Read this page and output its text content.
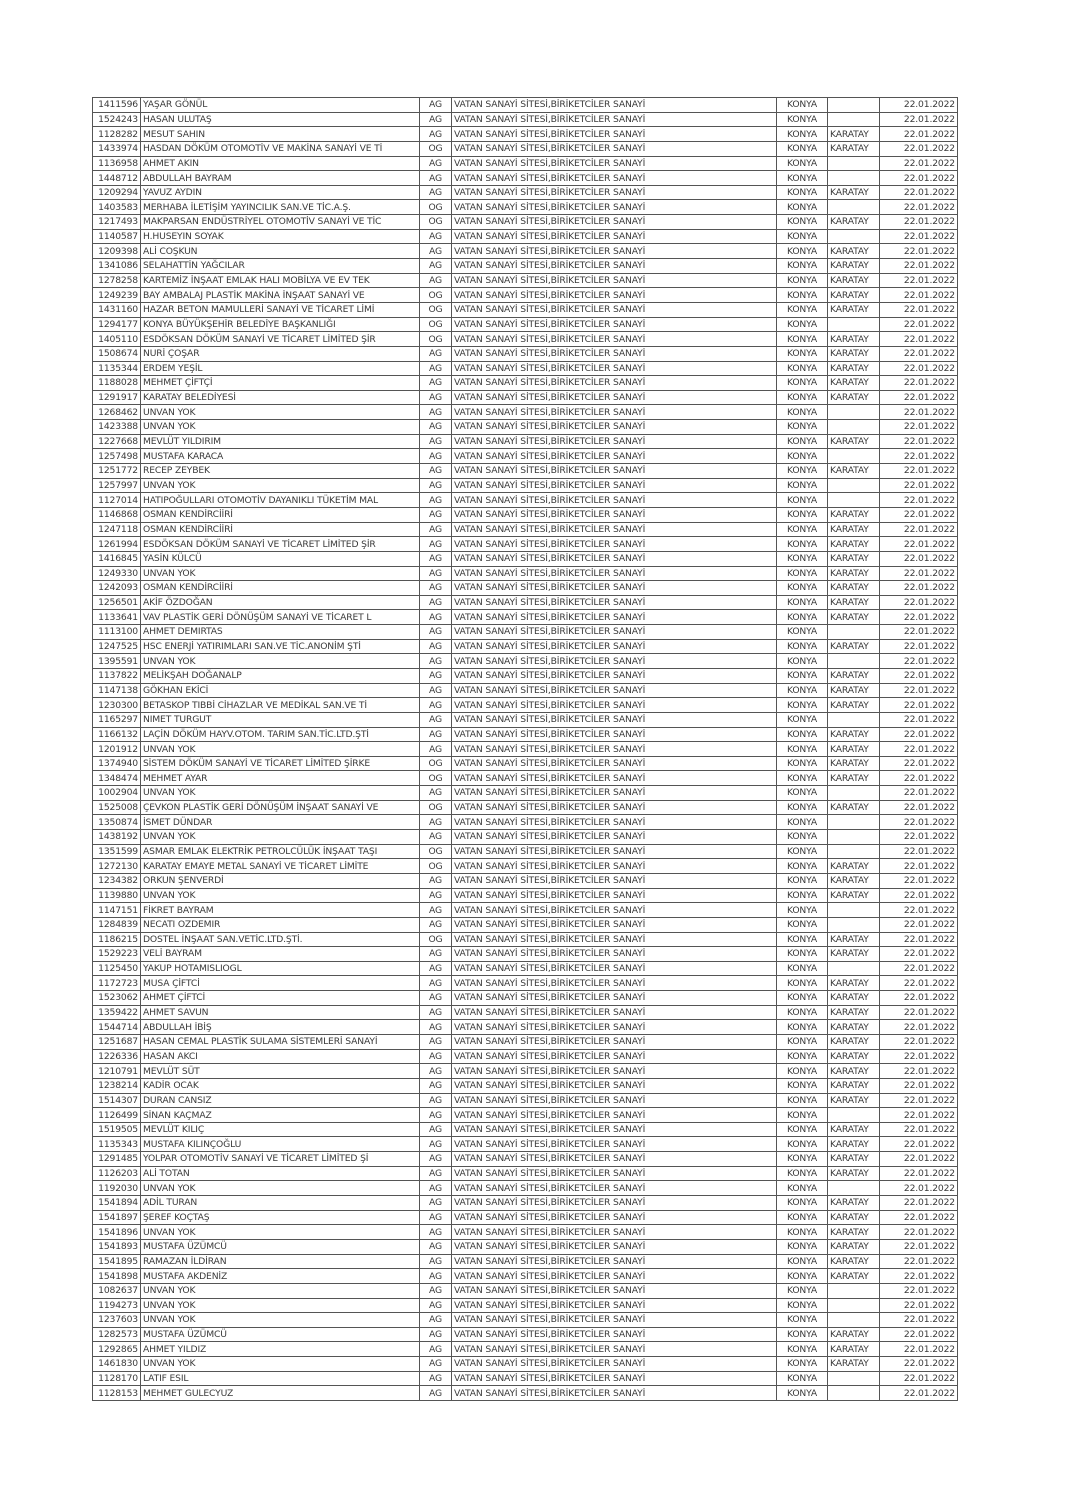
1411596	YAŞAR GÖNÜL	AG	VATAN SANAYİ SİTESİ,BİRİKETCİLER SANAYİ	KONYA		22.01.2022
1524243	HASAN ULUTAŞ	AG	VATAN SANAYİ SİTESİ,BİRİKETCİLER SANAYİ	KONYA		22.01.2022
1128282	MESUT SAHIN	AG	VATAN SANAYİ SİTESİ,BİRİKETCİLER SANAYİ	KONYA	KARATAY	22.01.2022
1433974	HASDAN DÖKÜM OTOMOTİV VE MAKİNA SANAYİ VE Tİ	OG	VATAN SANAYİ SİTESİ,BİRİKETCİLER SANAYİ	KONYA	KARATAY	22.01.2022
1136958	AHMET AKIN	AG	VATAN SANAYİ SİTESİ,BİRİKETCİLER SANAYİ	KONYA		22.01.2022
1448712	ABDULLAH BAYRAM	AG	VATAN SANAYİ SİTESİ,BİRİKETCİLER SANAYİ	KONYA		22.01.2022
1209294	YAVUZ AYDIN	AG	VATAN SANAYİ SİTESİ,BİRİKETCİLER SANAYİ	KONYA	KARATAY	22.01.2022
1403583	MERHABA İLETİŞİM YAYINCILIK SAN.VE TİC.A.Ş.	OG	VATAN SANAYİ SİTESİ,BİRİKETCİLER SANAYİ	KONYA		22.01.2022
1217493	MAKPARSAN ENDÜSTRİYEL OTOMOTİV SANAYİ VE TİC	OG	VATAN SANAYİ SİTESİ,BİRİKETCİLER SANAYİ	KONYA	KARATAY	22.01.2022
1140587	H.HUSEYIN SOYAK	AG	VATAN SANAYİ SİTESİ,BİRİKETCİLER SANAYİ	KONYA		22.01.2022
1209398	ALİ COŞKUN	AG	VATAN SANAYİ SİTESİ,BİRİKETCİLER SANAYİ	KONYA	KARATAY	22.01.2022
1341086	SELAHATTİN YAĞCILAR	AG	VATAN SANAYİ SİTESİ,BİRİKETCİLER SANAYİ	KONYA	KARATAY	22.01.2022
1278258	KARTEMİZ İNŞAAT EMLAK HALI MOBİLYA VE EV TEK	AG	VATAN SANAYİ SİTESİ,BİRİKETCİLER SANAYİ	KONYA	KARATAY	22.01.2022
1249239	BAY AMBALAJ PLASTİK MAKİNA İNŞAAT SANAYİ VE	OG	VATAN SANAYİ SİTESİ,BİRİKETCİLER SANAYİ	KONYA	KARATAY	22.01.2022
1431160	HAZAR BETON MAMULLERİ SANAYİ VE TİCARET LİMİ	OG	VATAN SANAYİ SİTESİ,BİRİKETCİLER SANAYİ	KONYA	KARATAY	22.01.2022
1294177	KONYA BÜYÜKŞEHİR BELEDİYE BAŞKANLIĞI	OG	VATAN SANAYİ SİTESİ,BİRİKETCİLER SANAYİ	KONYA		22.01.2022
1405110	ESDÖKSAN DÖKÜM SANAYİ VE TİCARET LİMİTED ŞİR	OG	VATAN SANAYİ SİTESİ,BİRİKETCİLER SANAYİ	KONYA	KARATAY	22.01.2022
1508674	NURİ ÇOŞAR	AG	VATAN SANAYİ SİTESİ,BİRİKETCİLER SANAYİ	KONYA	KARATAY	22.01.2022
1135344	ERDEM YEŞİL	AG	VATAN SANAYİ SİTESİ,BİRİKETCİLER SANAYİ	KONYA	KARATAY	22.01.2022
1188028	MEHMET ÇİFTÇİ	AG	VATAN SANAYİ SİTESİ,BİRİKETCİLER SANAYİ	KONYA	KARATAY	22.01.2022
1291917	KARATAY BELEDİYESİ	AG	VATAN SANAYİ SİTESİ,BİRİKETCİLER SANAYİ	KONYA	KARATAY	22.01.2022
1268462	UNVAN YOK	AG	VATAN SANAYİ SİTESİ,BİRİKETCİLER SANAYİ	KONYA		22.01.2022
1423388	UNVAN YOK	AG	VATAN SANAYİ SİTESİ,BİRİKETCİLER SANAYİ	KONYA		22.01.2022
1227668	MEVLÜT YILDIRIM	AG	VATAN SANAYİ SİTESİ,BİRİKETCİLER SANAYİ	KONYA	KARATAY	22.01.2022
1257498	MUSTAFA KARACA	AG	VATAN SANAYİ SİTESİ,BİRİKETCİLER SANAYİ	KONYA		22.01.2022
1251772	RECEP ZEYBEK	AG	VATAN SANAYİ SİTESİ,BİRİKETCİLER SANAYİ	KONYA	KARATAY	22.01.2022
1257997	UNVAN YOK	AG	VATAN SANAYİ SİTESİ,BİRİKETCİLER SANAYİ	KONYA		22.01.2022
1127014	HATIPOĞULLARI OTOMOTİV DAYANIKLI TÜKETİM MAL	AG	VATAN SANAYİ SİTESİ,BİRİKETCİLER SANAYİ	KONYA		22.01.2022
1146868	OSMAN KENDİRCİİRİ	AG	VATAN SANAYİ SİTESİ,BİRİKETCİLER SANAYİ	KONYA	KARATAY	22.01.2022
1247118	OSMAN KENDİRCİİRİ	AG	VATAN SANAYİ SİTESİ,BİRİKETCİLER SANAYİ	KONYA	KARATAY	22.01.2022
1261994	ESDÖKSAN DÖKÜM SANAYİ VE TİCARET LİMİTED ŞİR	AG	VATAN SANAYİ SİTESİ,BİRİKETCİLER SANAYİ	KONYA	KARATAY	22.01.2022
1416845	YASİN KÜLCÜ	AG	VATAN SANAYİ SİTESİ,BİRİKETCİLER SANAYİ	KONYA	KARATAY	22.01.2022
1249330	UNVAN YOK	AG	VATAN SANAYİ SİTESİ,BİRİKETCİLER SANAYİ	KONYA	KARATAY	22.01.2022
1242093	OSMAN KENDİRCİİRİ	AG	VATAN SANAYİ SİTESİ,BİRİKETCİLER SANAYİ	KONYA	KARATAY	22.01.2022
1256501	AKİF ÖZDOĞAN	AG	VATAN SANAYİ SİTESİ,BİRİKETCİLER SANAYİ	KONYA	KARATAY	22.01.2022
1133641	VAV PLASTİK GERİ DÖNÜŞÜM SANAYİ VE TİCARET L	AG	VATAN SANAYİ SİTESİ,BİRİKETCİLER SANAYİ	KONYA	KARATAY	22.01.2022
1113100	AHMET DEMIRTAS	AG	VATAN SANAYİ SİTESİ,BİRİKETCİLER SANAYİ	KONYA		22.01.2022
1247525	HSC ENERJİ YATIRIMLARI SAN.VE TİC.ANONİM ŞTİ	AG	VATAN SANAYİ SİTESİ,BİRİKETCİLER SANAYİ	KONYA	KARATAY	22.01.2022
1395591	UNVAN YOK	AG	VATAN SANAYİ SİTESİ,BİRİKETCİLER SANAYİ	KONYA		22.01.2022
1137822	MELİKŞAH DOĞANALP	AG	VATAN SANAYİ SİTESİ,BİRİKETCİLER SANAYİ	KONYA	KARATAY	22.01.2022
1147138	GÖKHAN EKİCİ	AG	VATAN SANAYİ SİTESİ,BİRİKETCİLER SANAYİ	KONYA	KARATAY	22.01.2022
1230300	BETASKOP TIBBİ CİHAZLAR VE MEDİKAL SAN.VE Tİ	AG	VATAN SANAYİ SİTESİ,BİRİKETCİLER SANAYİ	KONYA	KARATAY	22.01.2022
1165297	NIMET TURGUT	AG	VATAN SANAYİ SİTESİ,BİRİKETCİLER SANAYİ	KONYA		22.01.2022
1166132	LAÇİN DÖKÜM HAYV.OTOM. TARIM SAN.TİC.LTD.ŞTİ	AG	VATAN SANAYİ SİTESİ,BİRİKETCİLER SANAYİ	KONYA	KARATAY	22.01.2022
1201912	UNVAN YOK	AG	VATAN SANAYİ SİTESİ,BİRİKETCİLER SANAYİ	KONYA	KARATAY	22.01.2022
1374940	SİSTEM DÖKÜM SANAYİ VE TİCARET LİMİTED ŞİRKE	OG	VATAN SANAYİ SİTESİ,BİRİKETCİLER SANAYİ	KONYA	KARATAY	22.01.2022
1348474	MEHMET AYAR	OG	VATAN SANAYİ SİTESİ,BİRİKETCİLER SANAYİ	KONYA	KARATAY	22.01.2022
1002904	UNVAN YOK	AG	VATAN SANAYİ SİTESİ,BİRİKETCİLER SANAYİ	KONYA		22.01.2022
1525008	ÇEVKON PLASTİK GERİ DÖNÜŞÜM İNŞAAT SANAYİ VE	OG	VATAN SANAYİ SİTESİ,BİRİKETCİLER SANAYİ	KONYA	KARATAY	22.01.2022
1350874	İSMET DÜNDAR	AG	VATAN SANAYİ SİTESİ,BİRİKETCİLER SANAYİ	KONYA		22.01.2022
1438192	UNVAN YOK	AG	VATAN SANAYİ SİTESİ,BİRİKETCİLER SANAYİ	KONYA		22.01.2022
1351599	ASMAR EMLAK ELEKTRİK PETROLCÜLÜK İNŞAAT TAŞI	OG	VATAN SANAYİ SİTESİ,BİRİKETCİLER SANAYİ	KONYA		22.01.2022
1272130	KARATAY EMAYE METAL SANAYİ VE TİCARET LİMİTE	OG	VATAN SANAYİ SİTESİ,BİRİKETCİLER SANAYİ	KONYA	KARATAY	22.01.2022
1234382	ORKUN ŞENVERDİ	AG	VATAN SANAYİ SİTESİ,BİRİKETCİLER SANAYİ	KONYA	KARATAY	22.01.2022
1139880	UNVAN YOK	AG	VATAN SANAYİ SİTESİ,BİRİKETCİLER SANAYİ	KONYA	KARATAY	22.01.2022
1147151	FİKRET BAYRAM	AG	VATAN SANAYİ SİTESİ,BİRİKETCİLER SANAYİ	KONYA		22.01.2022
1284839	NECATI OZDEMIR	AG	VATAN SANAYİ SİTESİ,BİRİKETCİLER SANAYİ	KONYA		22.01.2022
1186215	DOSTEL İNŞAAT SAN.VETİC.LTD.ŞTİ.	OG	VATAN SANAYİ SİTESİ,BİRİKETCİLER SANAYİ	KONYA	KARATAY	22.01.2022
1529223	VELİ BAYRAM	AG	VATAN SANAYİ SİTESİ,BİRİKETCİLER SANAYİ	KONYA	KARATAY	22.01.2022
1125450	YAKUP HOTAMISLIOGL	AG	VATAN SANAYİ SİTESİ,BİRİKETCİLER SANAYİ	KONYA		22.01.2022
1172723	MUSA ÇİFTCİ	AG	VATAN SANAYİ SİTESİ,BİRİKETCİLER SANAYİ	KONYA	KARATAY	22.01.2022
1523062	AHMET ÇİFTCİ	AG	VATAN SANAYİ SİTESİ,BİRİKETCİLER SANAYİ	KONYA	KARATAY	22.01.2022
1359422	AHMET SAVUN	AG	VATAN SANAYİ SİTESİ,BİRİKETCİLER SANAYİ	KONYA	KARATAY	22.01.2022
1544714	ABDULLAH İBİŞ	AG	VATAN SANAYİ SİTESİ,BİRİKETCİLER SANAYİ	KONYA	KARATAY	22.01.2022
1251687	HASAN CEMAL PLASTİK SULAMA SİSTEMLERİ SANAYİ	AG	VATAN SANAYİ SİTESİ,BİRİKETCİLER SANAYİ	KONYA	KARATAY	22.01.2022
1226336	HASAN AKCI	AG	VATAN SANAYİ SİTESİ,BİRİKETCİLER SANAYİ	KONYA	KARATAY	22.01.2022
1210791	MEVLÜT SÜT	AG	VATAN SANAYİ SİTESİ,BİRİKETCİLER SANAYİ	KONYA	KARATAY	22.01.2022
1238214	KADİR OCAK	AG	VATAN SANAYİ SİTESİ,BİRİKETCİLER SANAYİ	KONYA	KARATAY	22.01.2022
1514307	DURAN CANSIZ	AG	VATAN SANAYİ SİTESİ,BİRİKETCİLER SANAYİ	KONYA	KARATAY	22.01.2022
1126499	SİNAN KAÇMAZ	AG	VATAN SANAYİ SİTESİ,BİRİKETCİLER SANAYİ	KONYA		22.01.2022
1519505	MEVLÜT KILIÇ	AG	VATAN SANAYİ SİTESİ,BİRİKETCİLER SANAYİ	KONYA	KARATAY	22.01.2022
1135343	MUSTAFA KILINÇOĞLU	AG	VATAN SANAYİ SİTESİ,BİRİKETCİLER SANAYİ	KONYA	KARATAY	22.01.2022
1291485	YOLPAR OTOMOTİV SANAYİ VE TİCARET LİMİTED Şİ	AG	VATAN SANAYİ SİTESİ,BİRİKETCİLER SANAYİ	KONYA	KARATAY	22.01.2022
1126203	ALİ TOTAN	AG	VATAN SANAYİ SİTESİ,BİRİKETCİLER SANAYİ	KONYA	KARATAY	22.01.2022
1192030	UNVAN YOK	AG	VATAN SANAYİ SİTESİ,BİRİKETCİLER SANAYİ	KONYA		22.01.2022
1541894	ADİL TURAN	AG	VATAN SANAYİ SİTESİ,BİRİKETCİLER SANAYİ	KONYA	KARATAY	22.01.2022
1541897	ŞEREF KOÇTAŞ	AG	VATAN SANAYİ SİTESİ,BİRİKETCİLER SANAYİ	KONYA	KARATAY	22.01.2022
1541896	UNVAN YOK	AG	VATAN SANAYİ SİTESİ,BİRİKETCİLER SANAYİ	KONYA	KARATAY	22.01.2022
1541893	MUSTAFA ÜZÜMCÜ	AG	VATAN SANAYİ SİTESİ,BİRİKETCİLER SANAYİ	KONYA	KARATAY	22.01.2022
1541895	RAMAZAN İLDİRAN	AG	VATAN SANAYİ SİTESİ,BİRİKETCİLER SANAYİ	KONYA	KARATAY	22.01.2022
1541898	MUSTAFA AKDENİZ	AG	VATAN SANAYİ SİTESİ,BİRİKETCİLER SANAYİ	KONYA	KARATAY	22.01.2022
1082637	UNVAN YOK	AG	VATAN SANAYİ SİTESİ,BİRİKETCİLER SANAYİ	KONYA		22.01.2022
1194273	UNVAN YOK	AG	VATAN SANAYİ SİTESİ,BİRİKETCİLER SANAYİ	KONYA		22.01.2022
1237603	UNVAN YOK	AG	VATAN SANAYİ SİTESİ,BİRİKETCİLER SANAYİ	KONYA		22.01.2022
1282573	MUSTAFA ÜZÜMCÜ	AG	VATAN SANAYİ SİTESİ,BİRİKETCİLER SANAYİ	KONYA	KARATAY	22.01.2022
1292865	AHMET YILDIZ	AG	VATAN SANAYİ SİTESİ,BİRİKETCİLER SANAYİ	KONYA	KARATAY	22.01.2022
1461830	UNVAN YOK	AG	VATAN SANAYİ SİTESİ,BİRİKETCİLER SANAYİ	KONYA	KARATAY	22.01.2022
1128170	LATIF ESIL	AG	VATAN SANAYİ SİTESİ,BİRİKETCİLER SANAYİ	KONYA		22.01.2022
1128153	MEHMET GULECYUZ	AG	VATAN SANAYİ SİTESİ,BİRİKETCİLER SANAYİ	KONYA		22.01.2022
